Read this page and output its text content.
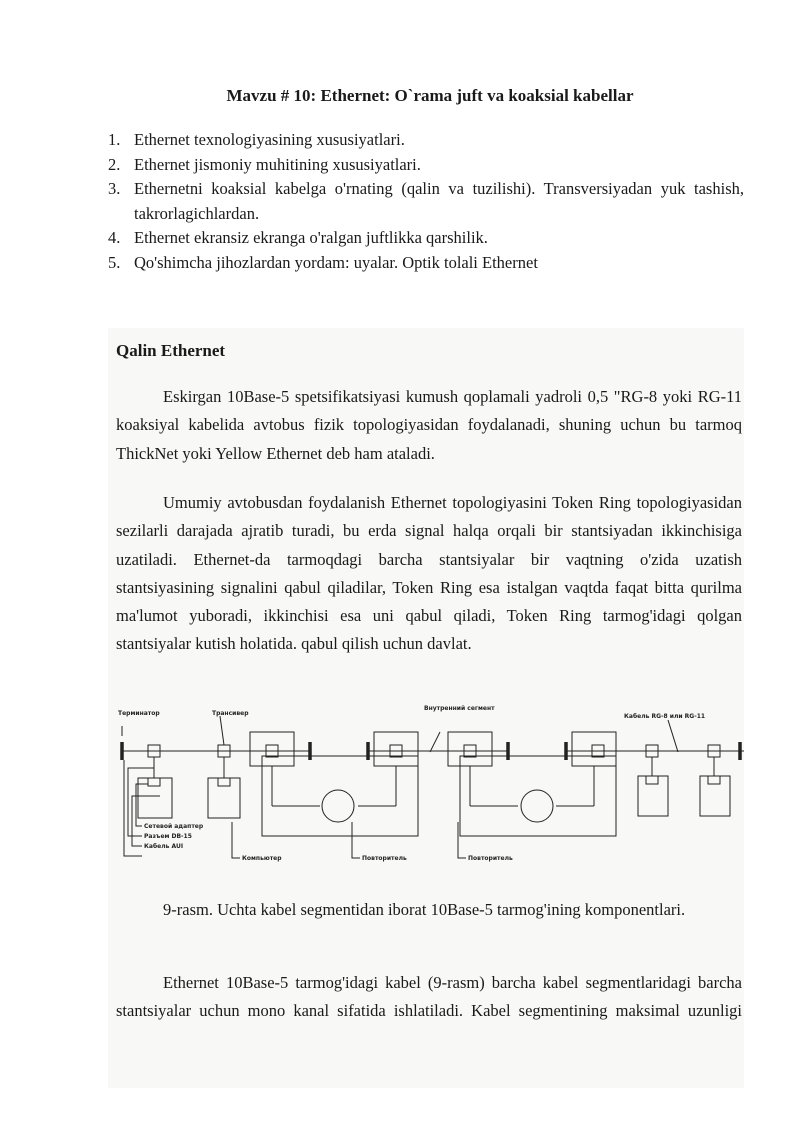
Mavzu # 10: Ethernet: O`rama juft va koaksial kabellar
1. Ethernet texnologiyasining xususiyatlari.
2. Ethernet jismoniy muhitining xususiyatlari.
3. Ethernetni koaksial kabelga o'rnating (qalin va tuzilishi). Transversiyadan yuk tashish, takrorlagichlardan.
4. Ethernet ekransiz ekranga o'ralgan juftlikka qarshilik.
5. Qo'shimcha jihozlardan yordam: uyalar. Optik tolali Ethernet
Qalin Ethernet

Eskirgan 10Base-5 spetsifikatsiyasi kumush qoplamali yadroli 0,5 "RG-8 yoki RG-11 koaksiyal kabelida avtobus fizik topologiyasidan foydalanadi, shuning uchun bu tarmoq ThickNet yoki Yellow Ethernet deb ham ataladi.

Umumiy avtobusdan foydalanish Ethernet topologiyasini Token Ring topologiyasidan sezilarli darajada ajratib turadi, bu erda signal halqa orqali bir stantsiyadan ikkinchisiga uzatiladi. Ethernet-da tarmoqdagi barcha stantsiyalar bir vaqtning o'zida uzatish stantsiyasining signalini qabul qiladilar, Token Ring esa istalgan vaqtda faqat bitta qurilma ma'lumot yuboradi, ikkinchisi esa uni qabul qiladi, Token Ring tarmog'idagi qolgan stantsiyalar kutish holatida. qabul qilish uchun davlat.

Терминатор	Трансивер
Внутренний сегмент
Кабель RG-8 или RG-11
Сетевой адаптер
Разъем DB-15
Кабель AUI
Компьютер	Повторитель	Повторитель

9-rasm. Uchta kabel segmentidan iborat 10Base-5 tarmog'ining komponentlari.

Ethernet 10Base-5 tarmog'idagi kabel (9-rasm) barcha kabel segmentlaridagi barcha stantsiyalar uchun mono kanal sifatida ishlatiladi. Kabel segmentining maksimal uzunligi
